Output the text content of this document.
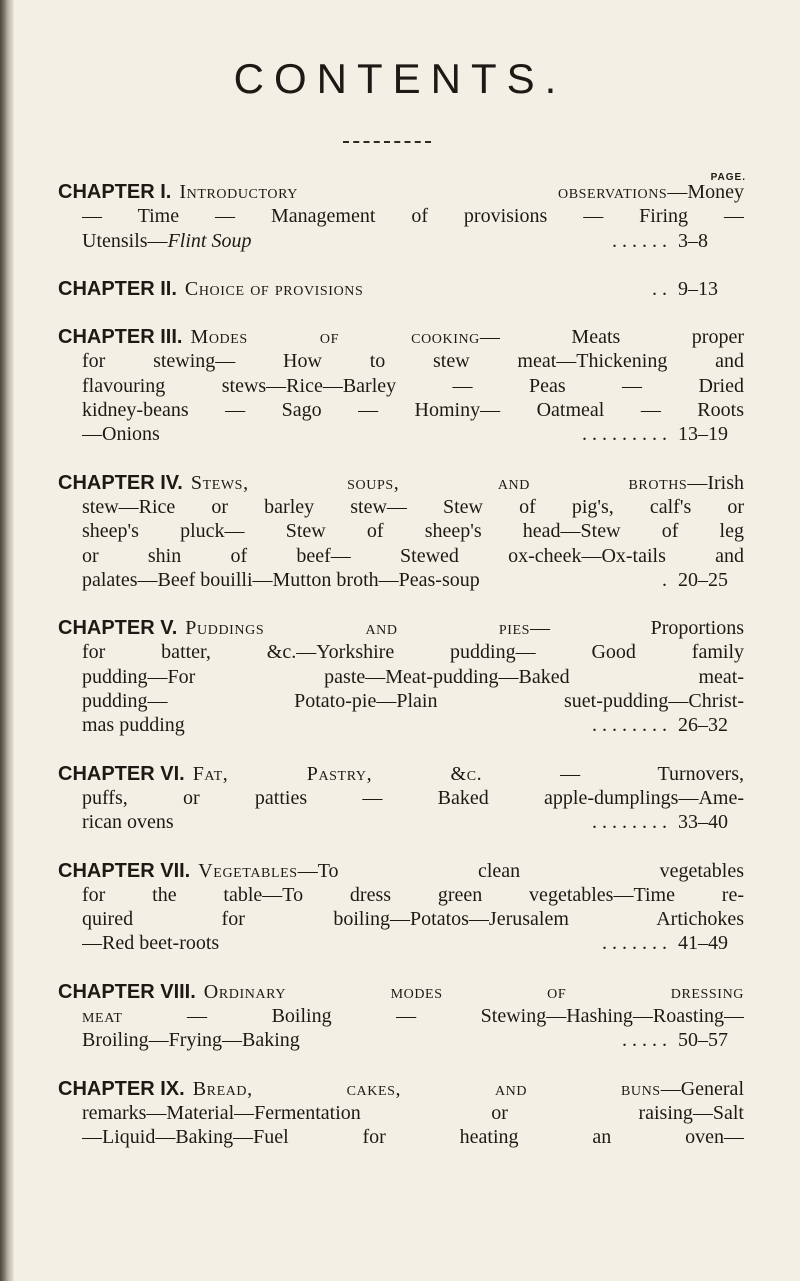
CONTENTS.
PAGE.
CHAPTER I. Introductory observations—Money
— Time — Management of provisions — Firing —
Utensils—Flint Soup	. . . . . . 3–8
CHAPTER II. Choice of provisions	. . 9–13
CHAPTER III. Modes of cooking— Meats proper
for stewing— How to stew meat—Thickening and
flavouring stews—Rice—Barley — Peas — Dried
kidney-beans — Sago — Hominy— Oatmeal — Roots
—Onions	. . . . . . . . . 13–19
CHAPTER IV. Stews, soups, and broths—Irish
stew—Rice or barley stew— Stew of pig's, calf's or
sheep's pluck— Stew of sheep's head—Stew of leg
or shin of beef— Stewed ox-cheek—Ox-tails and
palates—Beef bouilli—Mutton broth—Peas-soup	. 20–25
CHAPTER V. Puddings and pies— Proportions
for batter, &c.—Yorkshire pudding— Good family
pudding—For paste—Meat-pudding—Baked meat-
pudding— Potato-pie—Plain suet-pudding—Christ-
mas pudding	. . . . . . . . 26–32
CHAPTER VI. Fat, Pastry, &c. — Turnovers,
puffs, or patties — Baked apple-dumplings—Ame-
rican ovens	. . . . . . . . 33–40
CHAPTER VII. Vegetables—To clean vegetables
for the table—To dress green vegetables—Time re-
quired for boiling—Potatos—Jerusalem Artichokes
—Red beet-roots	. . . . . . . 41–49
CHAPTER VIII. Ordinary modes of dressing
meat — Boiling — Stewing—Hashing—Roasting—
Broiling—Frying—Baking	. . . . . 50–57
CHAPTER IX. Bread, cakes, and buns—General
remarks—Material—Fermentation or raising—Salt
—Liquid—Baking—Fuel for heating an oven—
